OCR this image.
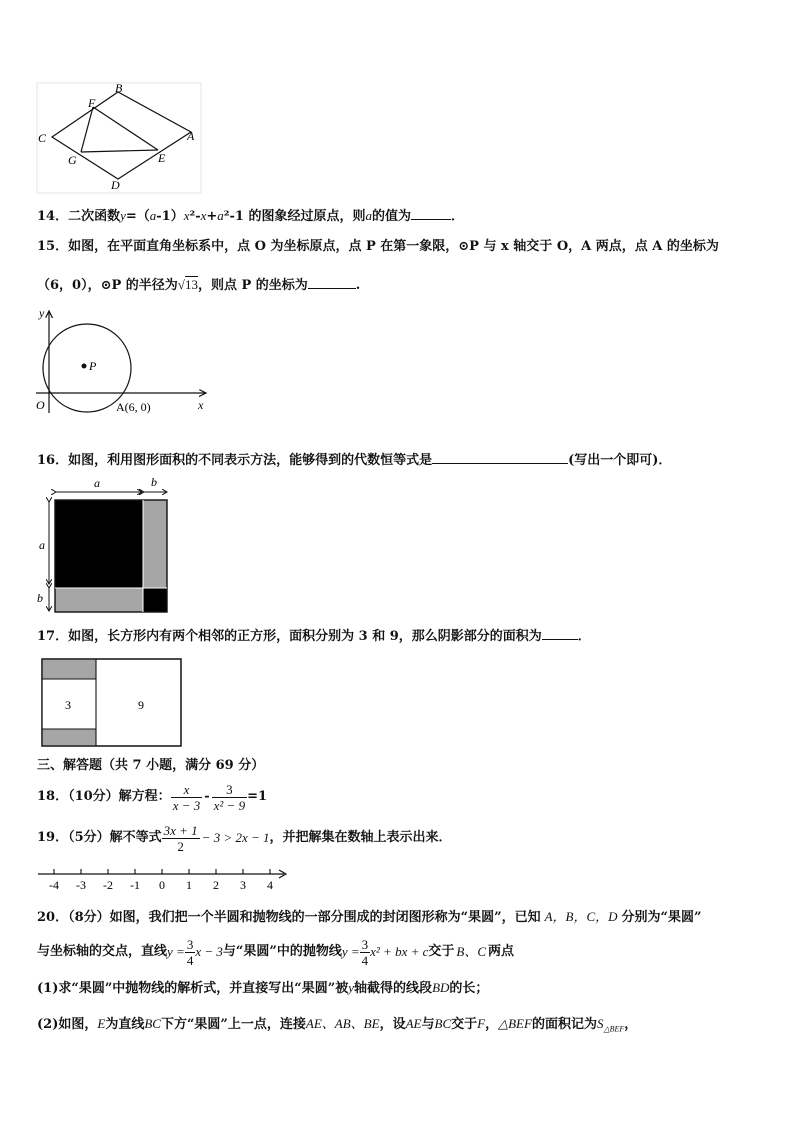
B
F
C	A
G	E
D
14．二次函数y=（a-1）x²-x+a²-1 的图象经过原点，则a的值为	．
15．如图，在平面直角坐标系中，点 O 为坐标原点，点 P 在第一象限，⊙P 与 x 轴交于 O，A 两点，点 A 的坐标为
（6，0），⊙P 的半径为√13，则点 P 的坐标为	.
P
y
x
O	A(6, 0)
16．如图，利用图形面积的不同表示方法，能够得到的代数恒等式是	(写出一个即可)．
a	b
a
b
17．如图，长方形内有两个相邻的正方形，面积分别为 3 和 9，那么阴影部分的面积为	．
3	9
三、解答题（共 7 小题，满分 69 分）
18．（10分）解方程： $\frac{x}{x - 3} - \frac{3}{\text{x² − 9}} =1$
19．（5分）解不等式 $\frac{3x + 1}{2} - 3 > 2x - 1$ ，并把解集在数轴上表示出来．
-4 -3 -2 -1 0 1 2 3 4
20．（8分）如图，我们把一个半圆和抛物线的一部分围成的封闭图形称为“果圆”，已知 A，B，C，D 分别为“果圆”
与坐标轴的交点，直线 $y = \frac{3}{4}$ x − 3 与“果圆”中的抛物线 $y = \frac{3}{4} x^2$ + bx + c 交于 B、C 两点
(1)求“果圆”中抛物线的解析式，并直接写出“果圆”被y轴截得的线段BD的长；
(2)如图，E为直线BC下方“果圆”上一点，连接AE、AB、BE，设AE与BC交于F，△BEF的面积记为$S_{\triangle BEF}$，
